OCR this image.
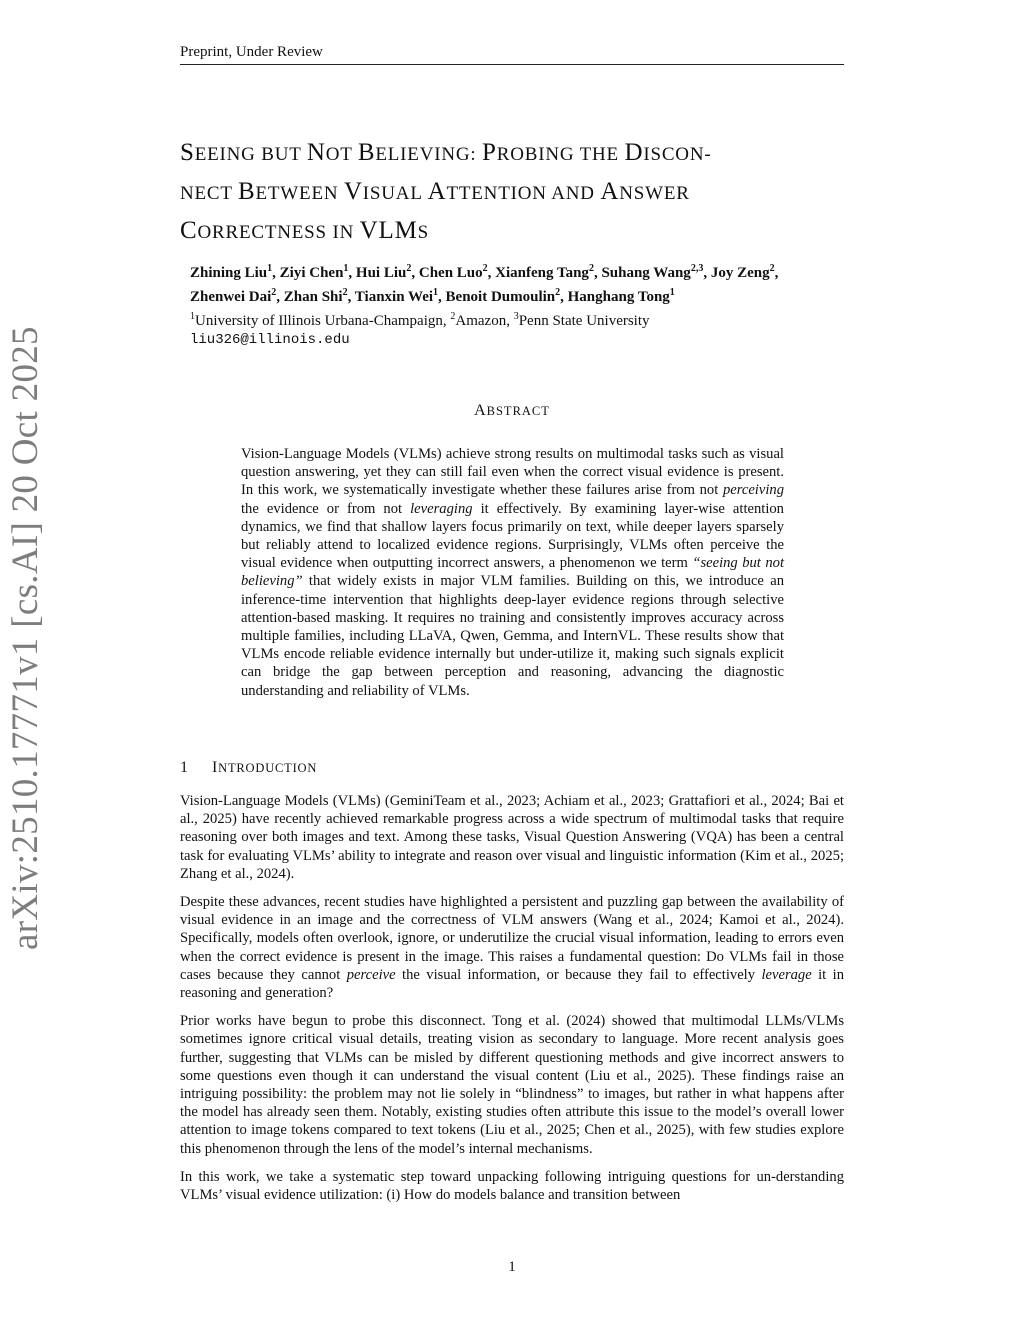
Preprint, Under Review
SEEING BUT NOT BELIEVING: PROBING THE DISCON-
NECT BETWEEN VISUAL ATTENTION AND ANSWER
CORRECTNESS IN VLMS
Zhining Liu$^1$, Ziyi Chen$^1$, Hui Liu$^2$, Chen Luo$^2$, Xianfeng Tang$^2$, Suhang Wang$^{2,3}$, Joy Zeng$^2$,
Zhenwei Dai$^2$, Zhan Shi$^2$, Tianxin Wei$^1$, Benoit Dumoulin$^2$, Hanghang Tong$^1$
$^1$University of Illinois Urbana-Champaign, $^2$Amazon, $^3$Penn State University
liu326@illinois.edu
arXiv:2510.17771v1 [cs.AI] 20 Oct 2025	ABSTRACT
Vision-Language Models (VLMs) achieve strong results on multimodal tasks such as visual question answering, yet they can still fail even when the correct visual evidence is present. In this work, we systematically investigate whether these failures arise from not perceiving the evidence or from not leveraging it effectively. By examining layer-wise attention dynamics, we find that shallow layers focus primarily on text, while deeper layers sparsely but reliably attend to localized evidence regions. Surprisingly, VLMs often perceive the visual evidence when outputting incorrect answers, a phenomenon we term “seeing but not believing” that widely exists in major VLM families. Building on this, we introduce an inference-time intervention that highlights deep-layer evidence regions through selective attention-based masking. It requires no training and consistently improves accuracy across multiple families, including LLaVA, Qwen, Gemma, and InternVL. These results show that VLMs encode reliable evidence internally but under-utilize it, making such signals explicit can bridge the gap between perception and reasoning, advancing the diagnostic understanding and reliability of VLMs.
1 INTRODUCTION

Vision-Language Models (VLMs) (GeminiTeam et al., 2023; Achiam et al., 2023; Grattafiori et al., 2024; Bai et al., 2025) have recently achieved remarkable progress across a wide spectrum of multimodal tasks that require reasoning over both images and text. Among these tasks, Visual Question Answering (VQA) has been a central task for evaluating VLMs’ ability to integrate and reason over visual and linguistic information (Kim et al., 2025; Zhang et al., 2024).

Despite these advances, recent studies have highlighted a persistent and puzzling gap between the availability of visual evidence in an image and the correctness of VLM answers (Wang et al., 2024; Kamoi et al., 2024). Specifically, models often overlook, ignore, or underutilize the crucial visual information, leading to errors even when the correct evidence is present in the image. This raises a fundamental question: Do VLMs fail in those cases because they cannot perceive the visual information, or because they fail to effectively leverage it in reasoning and generation?

Prior works have begun to probe this disconnect. Tong et al. (2024) showed that multimodal LLMs/VLMs sometimes ignore critical visual details, treating vision as secondary to language. More recent analysis goes further, suggesting that VLMs can be misled by different questioning methods and give incorrect answers to some questions even though it can understand the visual content (Liu et al., 2025). These findings raise an intriguing possibility: the problem may not lie solely in “blindness” to images, but rather in what happens after the model has already seen them. Notably, existing studies often attribute this issue to the model’s overall lower attention to image tokens compared to text tokens (Liu et al., 2025; Chen et al., 2025), with few studies explore this phenomenon through the lens of the model’s internal mechanisms.

In this work, we take a systematic step toward unpacking following intriguing questions for un-derstanding VLMs’ visual evidence utilization: (i) How do models balance and transition between

1
